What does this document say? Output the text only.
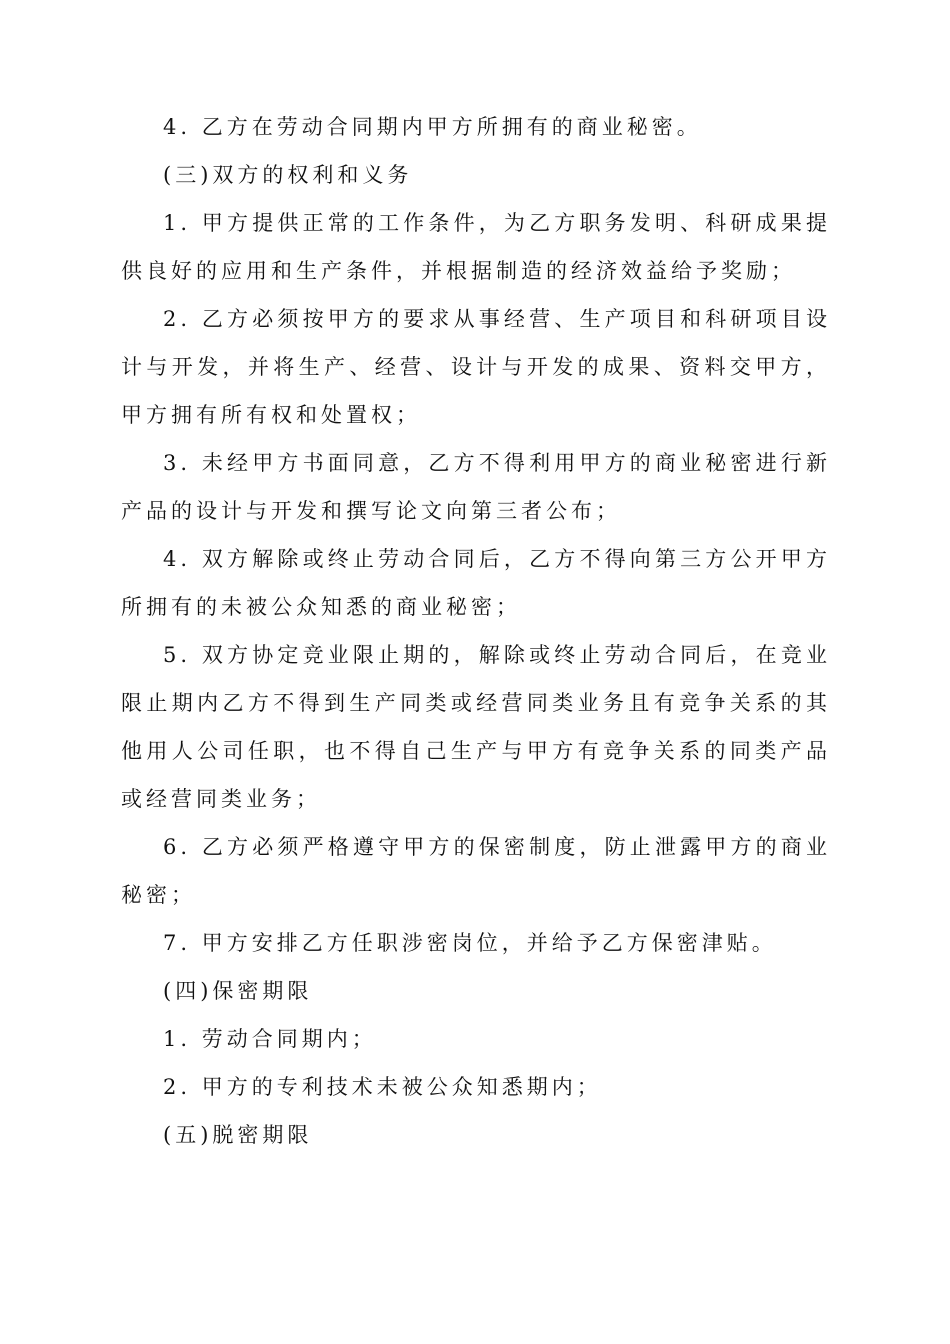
4. 乙方在劳动合同期内甲方所拥有的商业秘密。

(三)双方的权利和义务

1. 甲方提供正常的工作条件，为乙方职务发明、科研成果提供良好的应用和生产条件，并根据制造的经济效益给予奖励；

2. 乙方必须按甲方的要求从事经营、生产项目和科研项目设计与开发，并将生产、经营、设计与开发的成果、资料交甲方，甲方拥有所有权和处置权；

3. 未经甲方书面同意，乙方不得利用甲方的商业秘密进行新产品的设计与开发和撰写论文向第三者公布；

4. 双方解除或终止劳动合同后，乙方不得向第三方公开甲方所拥有的未被公众知悉的商业秘密；

5. 双方协定竞业限止期的，解除或终止劳动合同后，在竞业限止期内乙方不得到生产同类或经营同类业务且有竞争关系的其他用人公司任职，也不得自己生产与甲方有竞争关系的同类产品或经营同类业务；

6. 乙方必须严格遵守甲方的保密制度，防止泄露甲方的商业秘密；

7. 甲方安排乙方任职涉密岗位，并给予乙方保密津贴。

(四)保密期限

1. 劳动合同期内；

2. 甲方的专利技术未被公众知悉期内；

(五)脱密期限
